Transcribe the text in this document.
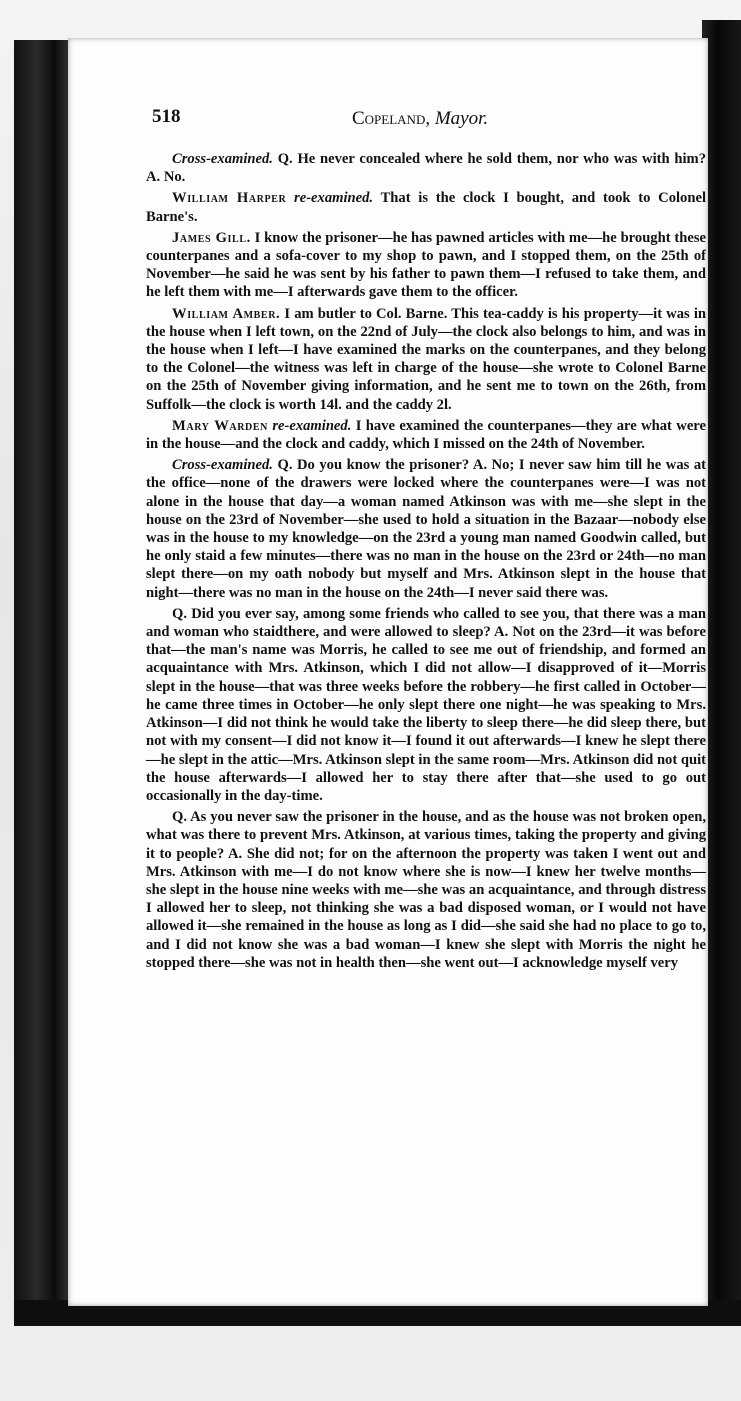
518	Copeland, Mayor.

Cross-examined. Q. He never concealed where he sold them, nor who was with him? A. No.

William Harper re-examined. That is the clock I bought, and took to Colonel Barne's.

James Gill. I know the prisoner—he has pawned articles with me—he brought these counterpanes and a sofa-cover to my shop to pawn, and I stopped them, on the 25th of November—he said he was sent by his father to pawn them—I refused to take them, and he left them with me—I afterwards gave them to the officer.

William Amber. I am butler to Col. Barne. This tea-caddy is his property—it was in the house when I left town, on the 22nd of July—the clock also belongs to him, and was in the house when I left—I have examined the marks on the counterpanes, and they belong to the Colonel—the witness was left in charge of the house—she wrote to Colonel Barne on the 25th of November giving information, and he sent me to town on the 26th, from Suffolk—the clock is worth 14l. and the caddy 2l.

Mary Warden re-examined. I have examined the counterpanes—they are what were in the house—and the clock and caddy, which I missed on the 24th of November.

Cross-examined. Q. Do you know the prisoner? A. No; I never saw him till he was at the office—none of the drawers were locked where the counterpanes were—I was not alone in the house that day—a woman named Atkinson was with me—she slept in the house on the 23rd of November—she used to hold a situation in the Bazaar—nobody else was in the house to my knowledge—on the 23rd a young man named Goodwin called, but he only staid a few minutes—there was no man in the house on the 23rd or 24th—no man slept there—on my oath nobody but myself and Mrs. Atkinson slept in the house that night—there was no man in the house on the 24th—I never said there was.

Q. Did you ever say, among some friends who called to see you, that there was a man and woman who staidthere, and were allowed to sleep? A. Not on the 23rd—it was before that—the man's name was Morris, he called to see me out of friendship, and formed an acquaintance with Mrs. Atkinson, which I did not allow—I disapproved of it—Morris slept in the house—that was three weeks before the robbery—he first called in October—he came three times in October—he only slept there one night—he was speaking to Mrs. Atkinson—I did not think he would take the liberty to sleep there—he did sleep there, but not with my consent—I did not know it—I found it out afterwards—I knew he slept there—he slept in the attic—Mrs. Atkinson slept in the same room—Mrs. Atkinson did not quit the house afterwards—I allowed her to stay there after that—she used to go out occasionally in the day-time.

Q. As you never saw the prisoner in the house, and as the house was not broken open, what was there to prevent Mrs. Atkinson, at various times, taking the property and giving it to people? A. She did not; for on the afternoon the property was taken I went out and Mrs. Atkinson with me—I do not know where she is now—I knew her twelve months—she slept in the house nine weeks with me—she was an acquaintance, and through distress I allowed her to sleep, not thinking she was a bad disposed woman, or I would not have allowed it—she remained in the house as long as I did—she said she had no place to go to, and I did not know she was a bad woman—I knew she slept with Morris the night he stopped there—she was not in health then—she went out—I acknowledge myself very
